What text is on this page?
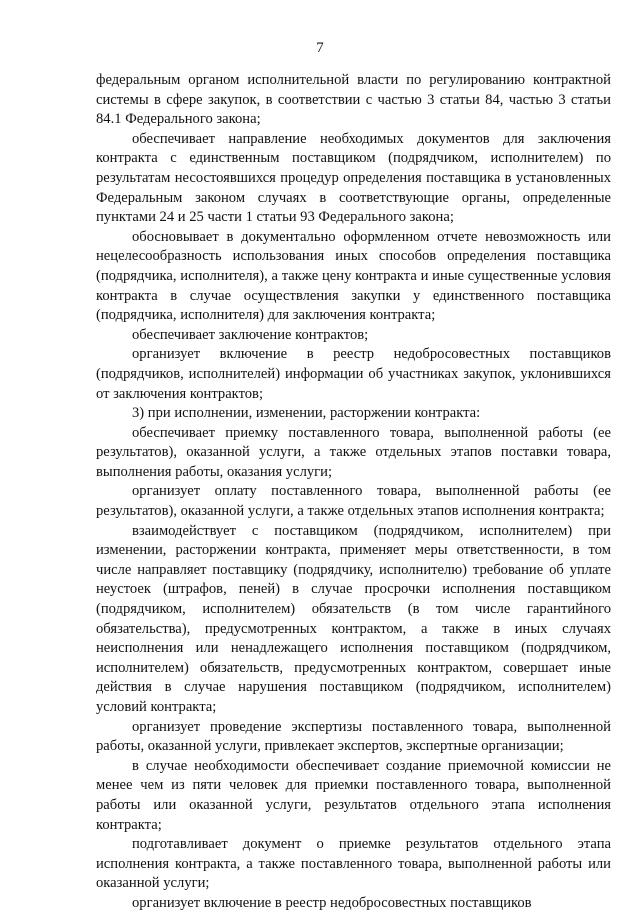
7

федеральным органом исполнительной власти по регулированию контрактной системы в сфере закупок, в соответствии с частью 3 статьи 84, частью 3 статьи 84.1 Федерального закона;

обеспечивает направление необходимых документов для заключения контракта с единственным поставщиком (подрядчиком, исполнителем) по результатам несостоявшихся процедур определения поставщика в установленных Федеральным законом случаях в соответствующие органы, определенные пунктами 24 и 25 части 1 статьи 93 Федерального закона;

обосновывает в документально оформленном отчете невозможность или нецелесообразность использования иных способов определения поставщика (подрядчика, исполнителя), а также цену контракта и иные существенные условия контракта в случае осуществления закупки у единственного поставщика (подрядчика, исполнителя) для заключения контракта;

обеспечивает заключение контрактов;

организует включение в реестр недобросовестных поставщиков (подрядчиков, исполнителей) информации об участниках закупок, уклонившихся от заключения контрактов;

3) при исполнении, изменении, расторжении контракта:

обеспечивает приемку поставленного товара, выполненной работы (ее результатов), оказанной услуги, а также отдельных этапов поставки товара, выполнения работы, оказания услуги;

организует оплату поставленного товара, выполненной работы (ее результатов), оказанной услуги, а также отдельных этапов исполнения контракта;

взаимодействует с поставщиком (подрядчиком, исполнителем) при изменении, расторжении контракта, применяет меры ответственности, в том числе направляет поставщику (подрядчику, исполнителю) требование об уплате неустоек (штрафов, пеней) в случае просрочки исполнения поставщиком (подрядчиком, исполнителем) обязательств (в том числе гарантийного обязательства), предусмотренных контрактом, а также в иных случаях неисполнения или ненадлежащего исполнения поставщиком (подрядчиком, исполнителем) обязательств, предусмотренных контрактом, совершает иные действия в случае нарушения поставщиком (подрядчиком, исполнителем) условий контракта;

организует проведение экспертизы поставленного товара, выполненной работы, оказанной услуги, привлекает экспертов, экспертные организации;

в случае необходимости обеспечивает создание приемочной комиссии не менее чем из пяти человек для приемки поставленного товара, выполненной работы или оказанной услуги, результатов отдельного этапа исполнения контракта;

подготавливает документ о приемке результатов отдельного этапа исполнения контракта, а также поставленного товара, выполненной работы или оказанной услуги;

организует включение в реестр недобросовестных поставщиков
